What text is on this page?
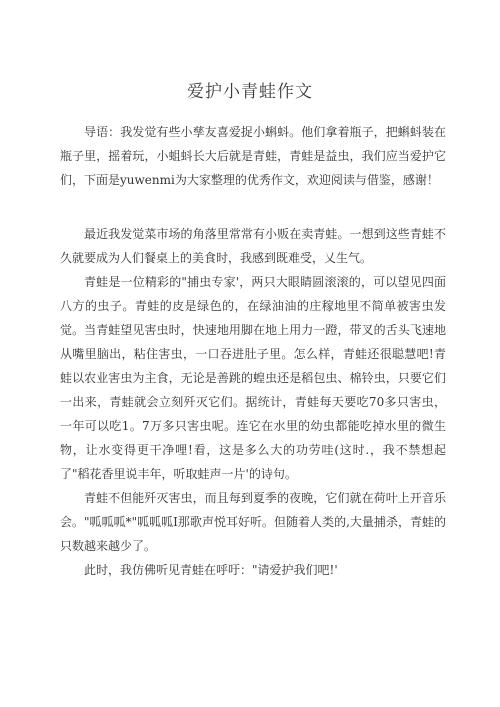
爱护小青蛙作文

导语：我发觉有些小孳友喜爱捉小蝌蚪。他们拿着瓶子，把蝌蚪装在瓶子里，摇着玩，小蛆蚪长大后就是青蛙，青蛙是益虫，我们应当爱护它们，下面是yuwenmi为大家整理的优秀作文，欢迎阅读与借鉴，感谢！

最近我发觉菜市场的角落里常常有小贩在卖青蛙。一想到这些青蛙不久就要成为人们餐桌上的美食时，我感到既难受，乂生气。

青蛙是一位精彩的"捕虫专家'，两只大眼睛圆滚滚的，可以望见四面八方的虫子。青蛙的皮是绿色的，在绿油油的庄稼地里不简单被害虫发觉。当青蛙望见害虫时，快速地用脚在地上用力一蹬，带叉的舌头飞速地从嘴里脑出，粘住害虫，一口吞进肚子里。怎么样，青蛙还很聪慧吧!青蛙以农业害虫为主食，无论是善跳的蝗虫还是稻包虫、棉铃虫，只要它们一出来，青蛙就会立刻歼灭它们。据统计，青蛙每天要吃70多只害虫，一年可以吃1。7万多只害虫呢。连它在水里的幼虫都能吃掉水里的微生物，让水变得更干净哩!看，这是多么大的功劳哇(这时.，我不禁想起了"稻花香里说丰年，听取蛙声一片'的诗句。

青蛙不但能歼灭害虫，而且每到夏季的夜晚，它们就在荷叶上开音乐会。"呱呱呱*"呱呱呱I那歌声悦耳好听。但随着人类的,大量捕杀，青蛙的只数越来越少了。

此时，我仿佛听见青蛙在呼吁："请爱护我们吧!'
